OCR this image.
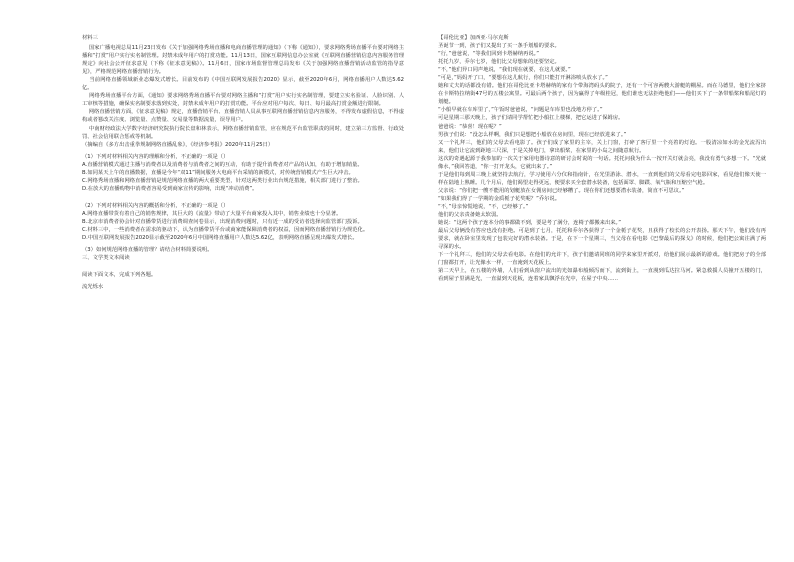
材料三

国家广播电视总局11月23日发布《关于加强网络秀场直播和电商直播管理的通知》（下称《通知》），要求网络秀场直播平台要对网络主播和“打赏”用户实行实名制管理。封禁未成年用户的打赏功能。11月13日，国家互联网信息办公室就《互联网直播营销信息内容服务管理规定》向社会公开征求意见（下称《征求意见稿》）。11月6日，国家市场监督管理总局发布《关于加强网络直播营销活动监管的指导意见》，严格规范网络直播营销行为。

当前网络直播领域新业态爆发式增长。目前发布的《中国互联网发展报告2020》显示，截至2020年6月，网络直播用户人数达5.62亿。

网络秀场直播平台方面，《通知》要求网络秀场直播平台要对网络主播和“打赏”用户实行实名制管理，要建立实名验证、人脸识别、人工审核等措施，确保实名制要求落到实处，封禁未成年用户的打赏功能。平台应对用户每次、每日、每月最高打赏金额进行限制。

网络直播营销方面，《征求意见稿》规定，直播营销平台、直播营销人员从事互联网直播营销信息内容服务，不得发布虚假信息，不得虚构或者篡改关注度、浏览量、点赞量、交易量等数据流量，误导用户。

中南财经政法大学数字经济研究院执行院长盘和林表示，网络直播营销监管，应在规范平台监管职责的同时，建立第三方监督、行政处罚、社会信用联合惩戒等机制。

（摘编自《多方出击重拳规制网络直播乱象》，《经济参考报》2020年11月25日）

（1）下列对材料相关内容的理解和分析，不正确的一项是（）

A.直播营销模式通过主播与消费者以及消费者与消费者之间的互动，有助于提升消费者对产品的认知，有助于增加销量。

B.如同某天上午的直播数据，直播是今年“双11”期间服务大电商平台采销的新模式，对传统营销模式产生巨大冲击。

C.网络秀场直播和网络直播营销是规范网络直播的两大重要类型，针对这两类行业出台规范措施，相关部门进行了整治。

D.在放大的直播购物中消费者容易受到商家宣传的影响，出现“冲动消费”。

（2）下列对材料相关内容的概括和分析，不正确的一项是（）

A.网络直播带货有着自己的销售规律，其巨大的《流量》带动了大量平台商家投入其中，销售业绩也十分显著。

B.北京市消费者协会针对直播带货进行消费调查问卷显示，出现消费问题时，只有近一成的受访者选择向监管部门投诉。

C.材料三中，一些消费者在需求的驱动下，认为直播带货平台或商家能保障消费者的权益，因而网络直播营销行为规范化。

D.中国互联网发展报告2020显示截至2020年6月中国网络直播用户人数达5.62亿，表明网络直播呈现出爆发式增长。

（3）如何规范网络直播的管理？请结合材料简要说明。

三、文学类文本阅读

阅读下面文本，完成下列各题。

流光烁水

【哥伦比亚】加西亚·马尔克斯

圣诞节一到，孩子们又提出了买一条手划船的要求。

“行，”爸爸说，“等我们回到卡塔赫纳再说。”

托托九岁，乔尔七岁，他们比父母想象的还要坚定。

“不，”他们异口同声地说，“我们现在就要，在这儿就要。”

“可是，”妈妈开了口，“要想在这儿航行，你们只能打开淋浴喷头放水了。”

她和丈夫的话都没有错。他们在哥伦比亚卡塔赫纳的家有个带海湾码头的院子，还有一个可容两艘大游艇的棚屋。而在马德里，他们全家挤在卡斯特拉纳街47号的五楼公寓里。可最后两个孩子，因为赢得了年级桂冠，他们谁也无法拒绝他们——他们买下了一条带船桨和船尾灯的划艇。

“小船早就在车库里了，”午饭时爸爸说，“问题是车库里也没地方停了。”

可是星期三那天晚上，孩子们请同学帮忙把小船扛上楼梯，把它运进了保姆房。

爸爸说：“恭喜！现在呢？”

男孩子们说：“没怎么样啊，我们只是想把小船放在房间里，现在已经放进来了。”

又一个礼拜三，他们的父母去看电影了。孩子们成了家里的主宰，关上门窗，打碎了客厅里一个亮着的灯泡。一股清凉如水的金光流泻出来，他们让它流到距地三尺深，于是关掉电门，拿出船桨，在家里的小岛之间随意航行。

这次的奇遇起源于我参加的一次关于家用电器诗意的研讨会时说的一句话。托托问我为什么一按开关灯就会亮，我没有勇气多想一下。“光就像水，”我回答道，“你一打开龙头，它就出来了。”

于是他们每到周三晚上就坚持去航行，学习使用六分仪和指南针，在光里游泳、潜水，一直到他们的父母看完电影回家，看见他们像天使一样在陆地上熟睡。几个月后，他们渴望走得更远，便要求买全套潜水装备，包括面罩、脚蹼、氧气瓶和压缩空气枪。

父亲说：“你们把一艘不能用的划艇放在女佣房间已经够糟了。现在你们还想要潜水装备，简直不可思议。”

“如果我们得了一学期的金质栀子花奖呢？”乔尔说。

“不，”母亲惊慌地说，“不，已经够了。”

他们的父亲责备她太软弱。

她说：“这两个孩子连本分的事都做不到，要是考了满分，连椅子都搬来出来。”

最后父母俩没有答应也没有拒绝。可是到了七月，托托和乔尔各获得了一个金栀子花奖，且获得了校长的公开表扬。那天下午，他们没有再要求，就在卧室里发现了包装完好的潜水装备。于是，在下一个星期三，当父母在看电影《巴黎最后的探戈》的时候，他们把公寓注满了两寻深的水。

下一个礼拜三，他们的父母去看电影。在他们的允许下，孩子们邀请同班的同学来家里开派对，给他们展示最新的游戏。他们把房子的全部门窗都打开，让光像水一样，一直淹到天花板上。

第二天早上，在五楼的外墙，人们看到从窗户流出的光如瀑布般倾泻而下，流到街上，一直漫到瓜达拉马河。紧急救援人员撞开五楼的门，看到屋子里满是光，一直溢到天花板，连着家具飘浮在光中，在屋子中央……
